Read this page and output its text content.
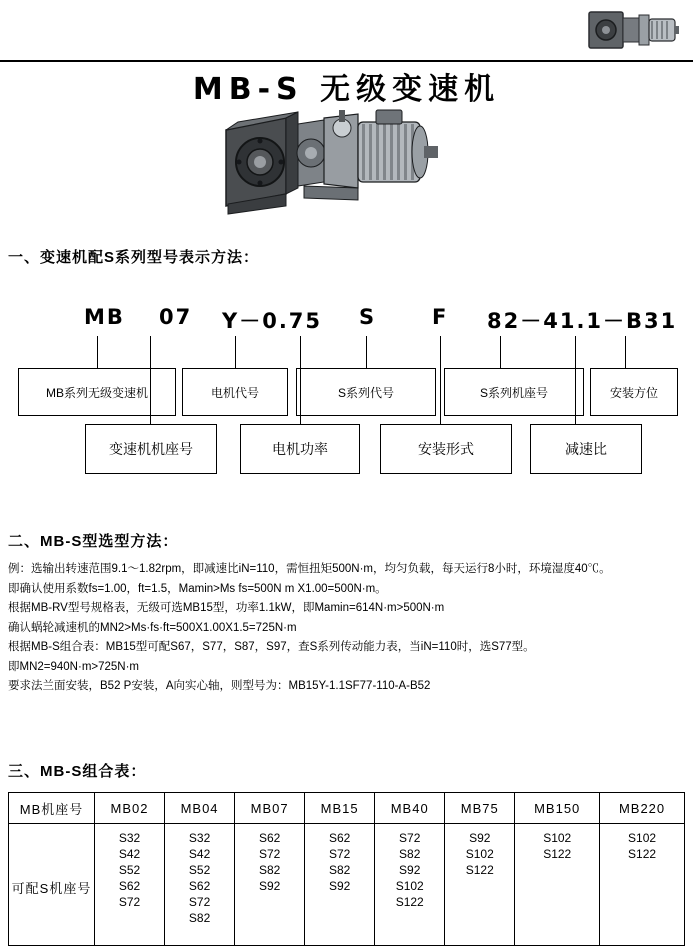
MB-S 无级变速机
一、变速机配S系列型号表示方法：
MB 07 Y－0.75 S	F 82－41.1－B31
MB系列无级变速机	电机代号	S系列代号	S系列机座号	安装方位
变速机机座号	电机功率	安装形式	减速比
二、MB-S型选型方法：
例：选输出转速范围9.1～1.82rpm，即减速比iN=110，需恒扭矩500N·m，均匀负载，每天运行8小时，环境湿度40℃。
即确认使用系数fs=1.00，ft=1.5，Mamin>Ms fs=500N m X1.00=500N·m。
根据MB-RV型号规格表，无级可选MB15型，功率1.1kW，即Mamin=614N·m>500N·m
确认蜗轮减速机的MN2>Ms·fs·ft=500X1.00X1.5=725N·m
根据MB-S组合表：MB15型可配S67，S77，S87，S97，查S系列传动能力表，当iN=110时，选S77型。
即MN2=940N·m>725N·m
要求法兰面安装，B52 P安装，A向实心轴，则型号为：MB15Y-1.1SF77-110-A-B52
三、MB-S组合表：
MB机座号	MB02	MB04	MB07	MB15	MB40	MB75	MB150	MB220
可配S机座号	
S32
S42
S52
S62
S72

S32
S42
S52
S62
S72
S82

S62
S72
S82
S92

S62
S72
S82
S92

S72
S82
S92
S102
S122

S92
S102
S122

S102
S122

S102
S122
